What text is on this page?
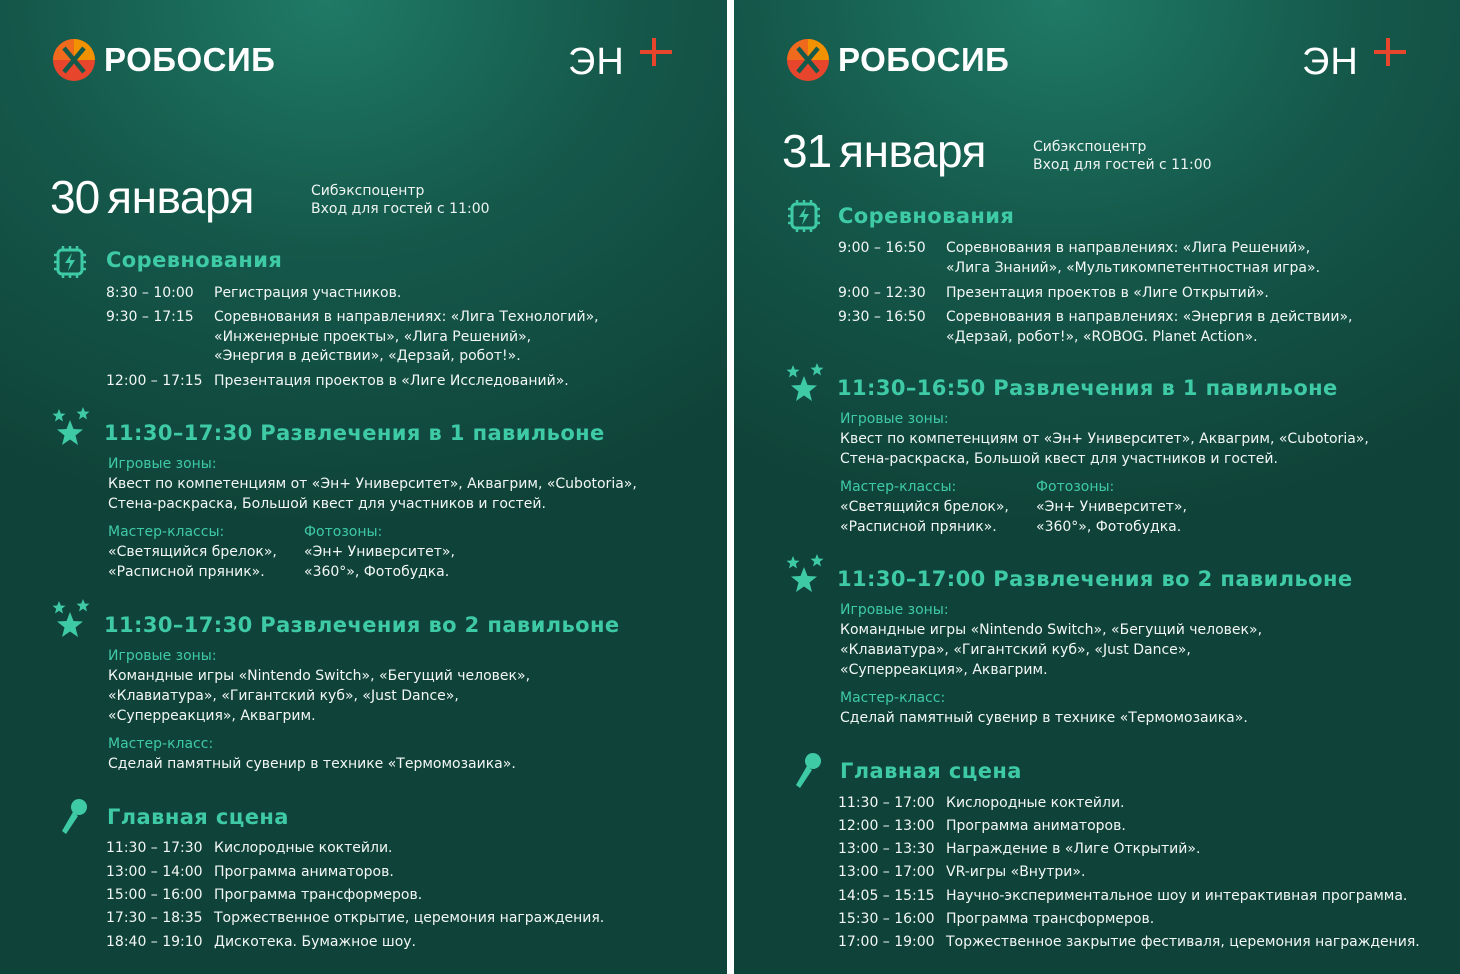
РОБОСИБ	ЭН
30 января	Сибэкспоцентр
Вход для гостей с 11:00
Соревнования
8:30 – 10:00 Регистрация участников.
9:30 – 17:15 Соревнования в направлениях: «Лига Технологий»,
«Инженерные проекты», «Лига Решений»,
«Энергия в действии», «Дерзай, робот!».
12:00 – 17:15 Презентация проектов в «Лиге Исследований».
11:30–17:30 Развлечения в 1 павильоне
Игровые зоны:
Квест по компетенциям от «Эн+ Университет», Аквагрим, «Cubotoria»,
Стена-раскраска, Большой квест для участников и гостей.
Мастер-классы:
«Светящийся брелок»,
«Расписной пряник».
Фотозоны:
«Эн+ Университет»,
«360°», Фотобудка.
11:30–17:30 Развлечения во 2 павильоне
Игровые зоны:
Командные игры «Nintendo Switch», «Бегущий человек»,
«Клавиатура», «Гигантский куб», «Just Dance»,
«Суперреакция», Аквагрим.
Мастер-класс:
Сделай памятный сувенир в технике «Термомозаика».
Главная сцена
11:30 – 17:30 Кислородные коктейли.
13:00 – 14:00 Программа аниматоров.
15:00 – 16:00 Программа трансформеров.
17:30 – 18:35 Торжественное открытие, церемония награждения.
18:40 – 19:10 Дискотека. Бумажное шоу.
РОБОСИБ	ЭН
31 января	Сибэкспоцентр
Вход для гостей с 11:00
Соревнования
9:00 – 16:50 Соревнования в направлениях: «Лига Решений»,
«Лига Знаний», «Мультикомпетентностная игра».
9:00 – 12:30 Презентация проектов в «Лиге Открытий».
9:30 – 16:50 Соревнования в направлениях: «Энергия в действии»,
«Дерзай, робот!», «ROBOG. Planet Action».
11:30–16:50 Развлечения в 1 павильоне
Игровые зоны:
Квест по компетенциям от «Эн+ Университет», Аквагрим, «Cubotoria»,
Стена-раскраска, Большой квест для участников и гостей.
Мастер-классы:
«Светящийся брелок»,
«Расписной пряник».
Фотозоны:
«Эн+ Университет»,
«360°», Фотобудка.
11:30–17:00 Развлечения во 2 павильоне
Игровые зоны:
Командные игры «Nintendo Switch», «Бегущий человек»,
«Клавиатура», «Гигантский куб», «Just Dance»,
«Суперреакция», Аквагрим.
Мастер-класс:
Сделай памятный сувенир в технике «Термомозаика».
Главная сцена
11:30 – 17:00 Кислородные коктейли.
12:00 – 13:00 Программа аниматоров.
13:00 – 13:30 Награждение в «Лиге Открытий».
13:00 – 17:00 VR-игры «Внутри».
14:05 – 15:15 Научно-экспериментальное шоу и интерактивная программа.
15:30 – 16:00 Программа трансформеров.
17:00 – 19:00 Торжественное закрытие фестиваля, церемония награждения.
